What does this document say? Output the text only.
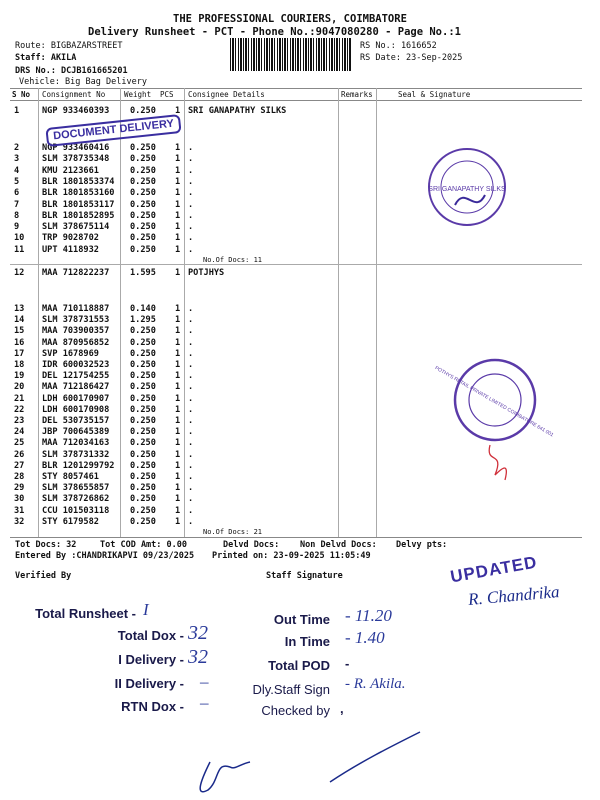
THE PROFESSIONAL COURIERS, COIMBATORE
Delivery Runsheet - PCT - Phone No.:9047080280 - Page No.:1
Route: BIGBAZARSTREET
Staff: AKILA
DRS No.: DCJB161665201
Vehicle: Big Bag Delivery
RS No.: 1616652
RS Date: 23-Sep-2025
S No Consignment No	Weight PCS Consignee Details	Remarks	Seal & Signature
1	NGP 933460393 0.250 1 SRI GANAPATHY SILKS
2	NGP 933460416 0.250 1 .
3	SLM 378735348 0.250 1 .
4	KMU 2123661	0.250 1 .
5	BLR 1801853374 0.250 1 .
6	BLR 1801853160 0.250 1 .
7	BLR 1801853117 0.250 1 .
8	BLR 1801852895 0.250 1 .
9	SLM 378675114 0.250 1 .
10 TRP 9028702	0.250 1 .
11 UPT 4118932	0.250 1 .
12 MAA 712822237 1.595 1 POTJHYS
13 MAA 710118887 0.140 1 .
14 SLM 378731553 1.295 1 .
15 MAA 703900357 0.250 1 .
16 MAA 870956852 0.250 1 .
17 SVP 1678969	0.250 1 .
18 IDR 600032523 0.250 1 .
19 DEL 121754255 0.250 1 .
20 MAA 712186427 0.250 1 .
21 LDH 600170907 0.250 1 .
22 LDH 600170908 0.250 1 .
23 DEL 530735157 0.250 1 .
24 JBP 700645389 0.250 1 .
25 MAA 712034163 0.250 1 .
26 SLM 378731332 0.250 1 .
27 BLR 1201299792 0.250 1 .
28 STY 8057461	0.250 1 .
29 SLM 378655857 0.250 1 .
30 SLM 378726862 0.250 1 .
31 CCU 101503118 0.250 1 .
32 STY 6179582	0.250 1 .
No.Of Docs: 11
No.Of Docs: 21
Tot Docs: 32	Tot COD Amt: 0.00	Delvd Docs: Non Delvd Docs: Delvy pts:
Entered By :CHANDRIKAPVI 09/23/2025 Printed on: 23-09-2025 11:05:49
Verified By	Staff Signature
Total Runsheet - I
Total Dox - 32
I Delivery - 32
II Delivery - –
RTN Dox - –
Out Time - 11.20
In Time - 1.40
Total POD -
Dly.Staff Sign - R. Akila.
Checked by ,
DOCUMENT DELIVERY
SRI GANAPATHY SILKS
POTHYS RETAIL PRIVATE LIMITED COIMBATORE 641 001
UPDATED
R. Chandrika
